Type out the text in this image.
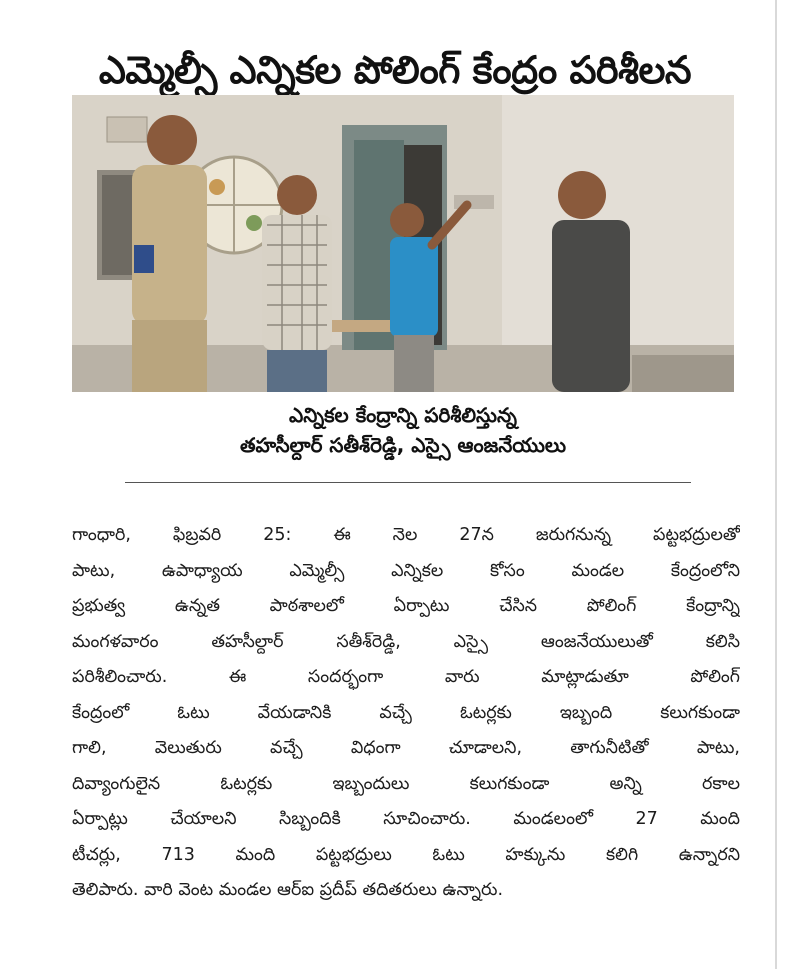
ఎమ్మెల్సీ ఎన్నికల పోలింగ్ కేంద్రం పరిశీలన
ఎన్నికల కేంద్రాన్ని పరిశీలిస్తున్న
తహసీల్దార్ సతీశ్‌రెడ్డి, ఎస్సై ఆంజనేయులు
గాంధారి, ఫిబ్రవరి 25: ఈ నెల 27న జరుగనున్న పట్టభద్రులతో
పాటు, ఉపాధ్యాయ ఎమ్మెల్సీ ఎన్నికల కోసం మండల కేంద్రంలోని
ప్రభుత్వ ఉన్నత పాఠశాలలో ఏర్పాటు చేసిన పోలింగ్ కేంద్రాన్ని
మంగళవారం తహసీల్దార్ సతీశ్‌రెడ్డి, ఎస్సై ఆంజనేయులుతో కలిసి
పరిశీలించారు. ఈ సందర్భంగా వారు మాట్లాడుతూ పోలింగ్
కేంద్రంలో ఓటు వేయడానికి వచ్చే ఓటర్లకు ఇబ్బంది కలుగకుండా
గాలి, వెలుతురు వచ్చే విధంగా చూడాలని, తాగునీటితో పాటు,
దివ్యాంగులైన ఓటర్లకు ఇబ్బందులు కలుగకుండా అన్ని రకాల
ఏర్పాట్లు చేయాలని సిబ్బందికి సూచించారు. మండలంలో 27 మంది
టీచర్లు, 713 మంది పట్టభద్రులు ఓటు హక్కును కలిగి ఉన్నారని
తెలిపారు. వారి వెంట మండల ఆర్ఐ ప్రదీప్ తదితరులు ఉన్నారు.
